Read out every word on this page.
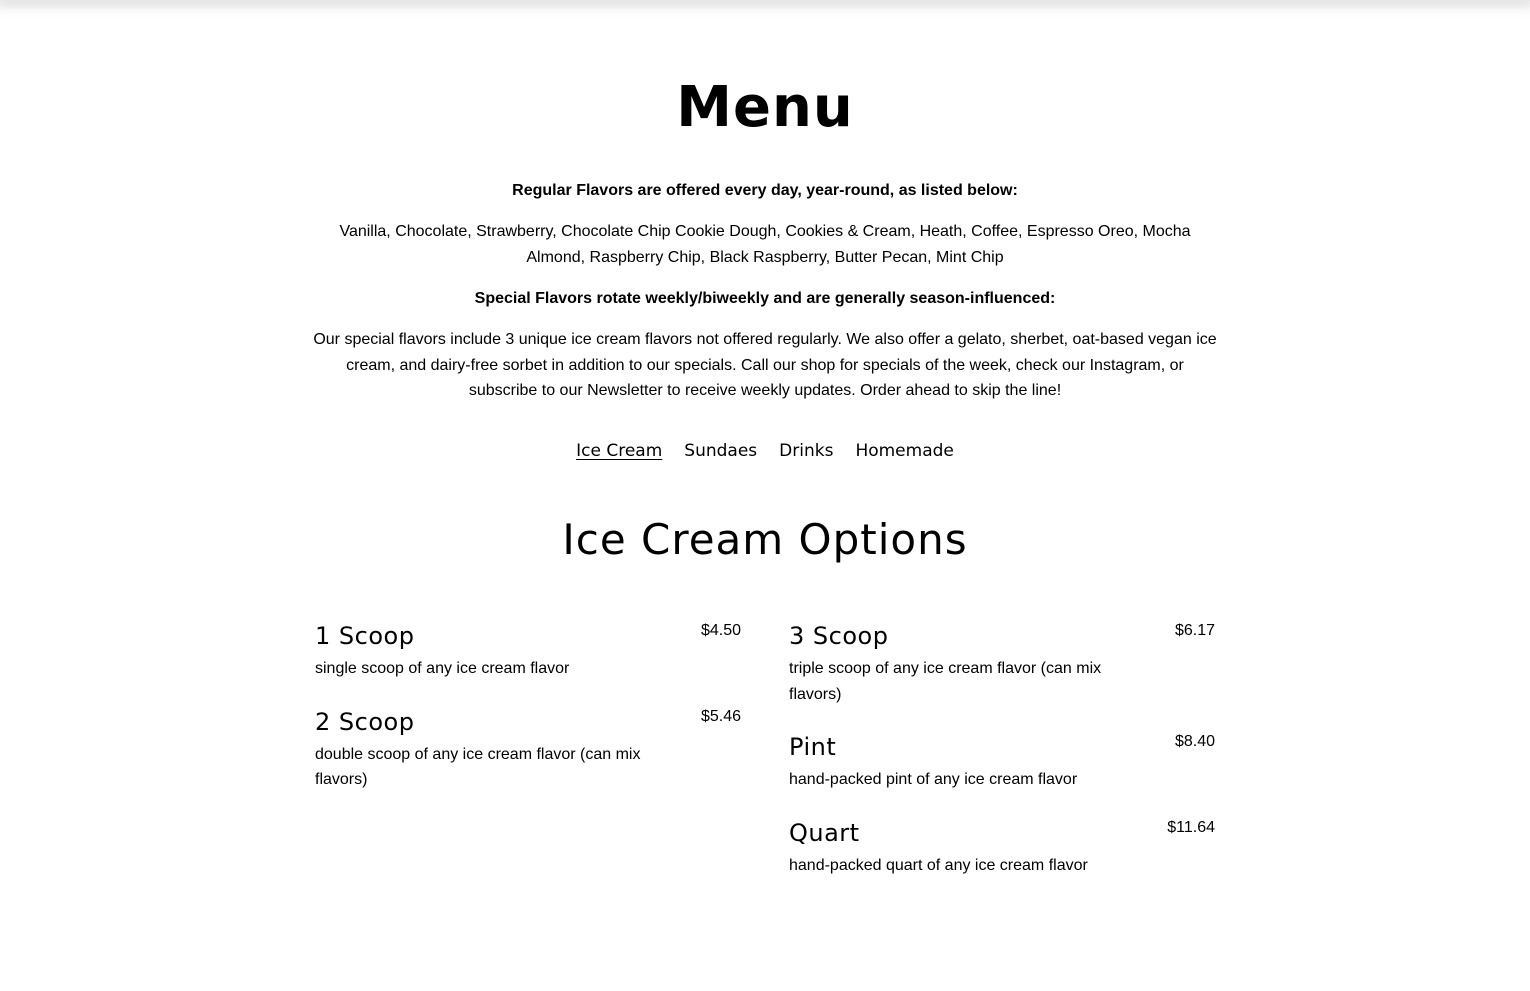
Menu

Regular Flavors are offered every day, year-round, as listed below:

Vanilla, Chocolate, Strawberry, Chocolate Chip Cookie Dough, Cookies & Cream, Heath, Coffee, Espresso Oreo, Mocha Almond, Raspberry Chip, Black Raspberry, Butter Pecan, Mint Chip

Special Flavors rotate weekly/biweekly and are generally season-influenced:

Our special flavors include 3 unique ice cream flavors not offered regularly. We also offer a gelato, sherbet, oat-based vegan ice cream, and dairy-free sorbet in addition to our specials. Call our shop for specials of the week, check our Instagram, or subscribe to our Newsletter to receive weekly updates. Order ahead to skip the line!

Ice Cream Sundaes Drinks Homemade
Ice Cream Options
1 Scoop	$4.50
single scoop of any ice cream flavor
2 Scoop	$5.46
double scoop of any ice cream flavor (can mix flavors)
3 Scoop	$6.17
triple scoop of any ice cream flavor (can mix flavors)
Pint	$8.40
hand-packed pint of any ice cream flavor
Quart	$11.64
hand-packed quart of any ice cream flavor
